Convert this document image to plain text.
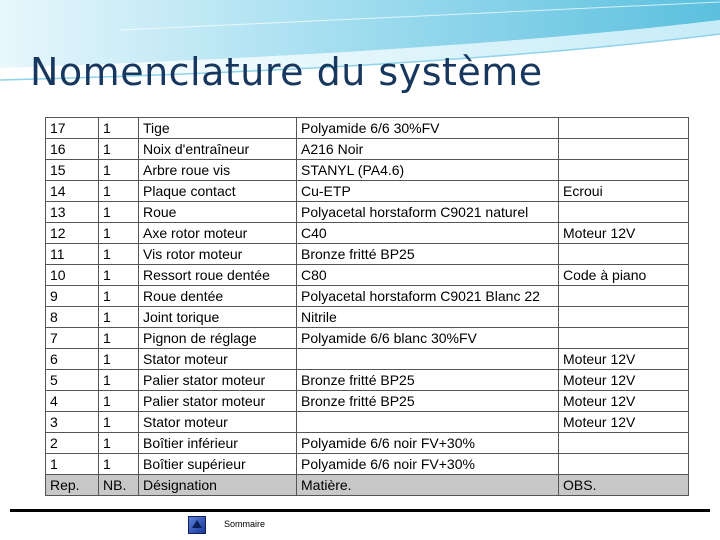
Nomenclature du système
17	1	Tige	Polyamide 6/6 30%FV	
16	1	Noix d'entraîneur	A216 Noir	
15	1	Arbre roue vis	STANYL (PA4.6)	
14	1	Plaque contact	Cu-ETP	Ecroui
13	1	Roue	Polyacetal horstaform C9021 naturel	
12	1	Axe rotor moteur	C40	Moteur 12V
11	1	Vis rotor moteur	Bronze fritté BP25	
10	1	Ressort roue dentée	C80	Code à piano
9	1	Roue dentée	Polyacetal horstaform C9021 Blanc 22	
8	1	Joint torique	Nitrile	
7	1	Pignon de réglage	Polyamide 6/6 blanc 30%FV	
6	1	Stator moteur		Moteur 12V
5	1	Palier stator moteur	Bronze fritté BP25	Moteur 12V
4	1	Palier stator moteur	Bronze fritté BP25	Moteur 12V
3	1	Stator moteur		Moteur 12V
2	1	Boîtier inférieur	Polyamide 6/6 noir FV+30%	
1	1	Boîtier supérieur	Polyamide 6/6 noir FV+30%	
Rep.	NB.	Désignation	Matière.	OBS.
Sommaire
